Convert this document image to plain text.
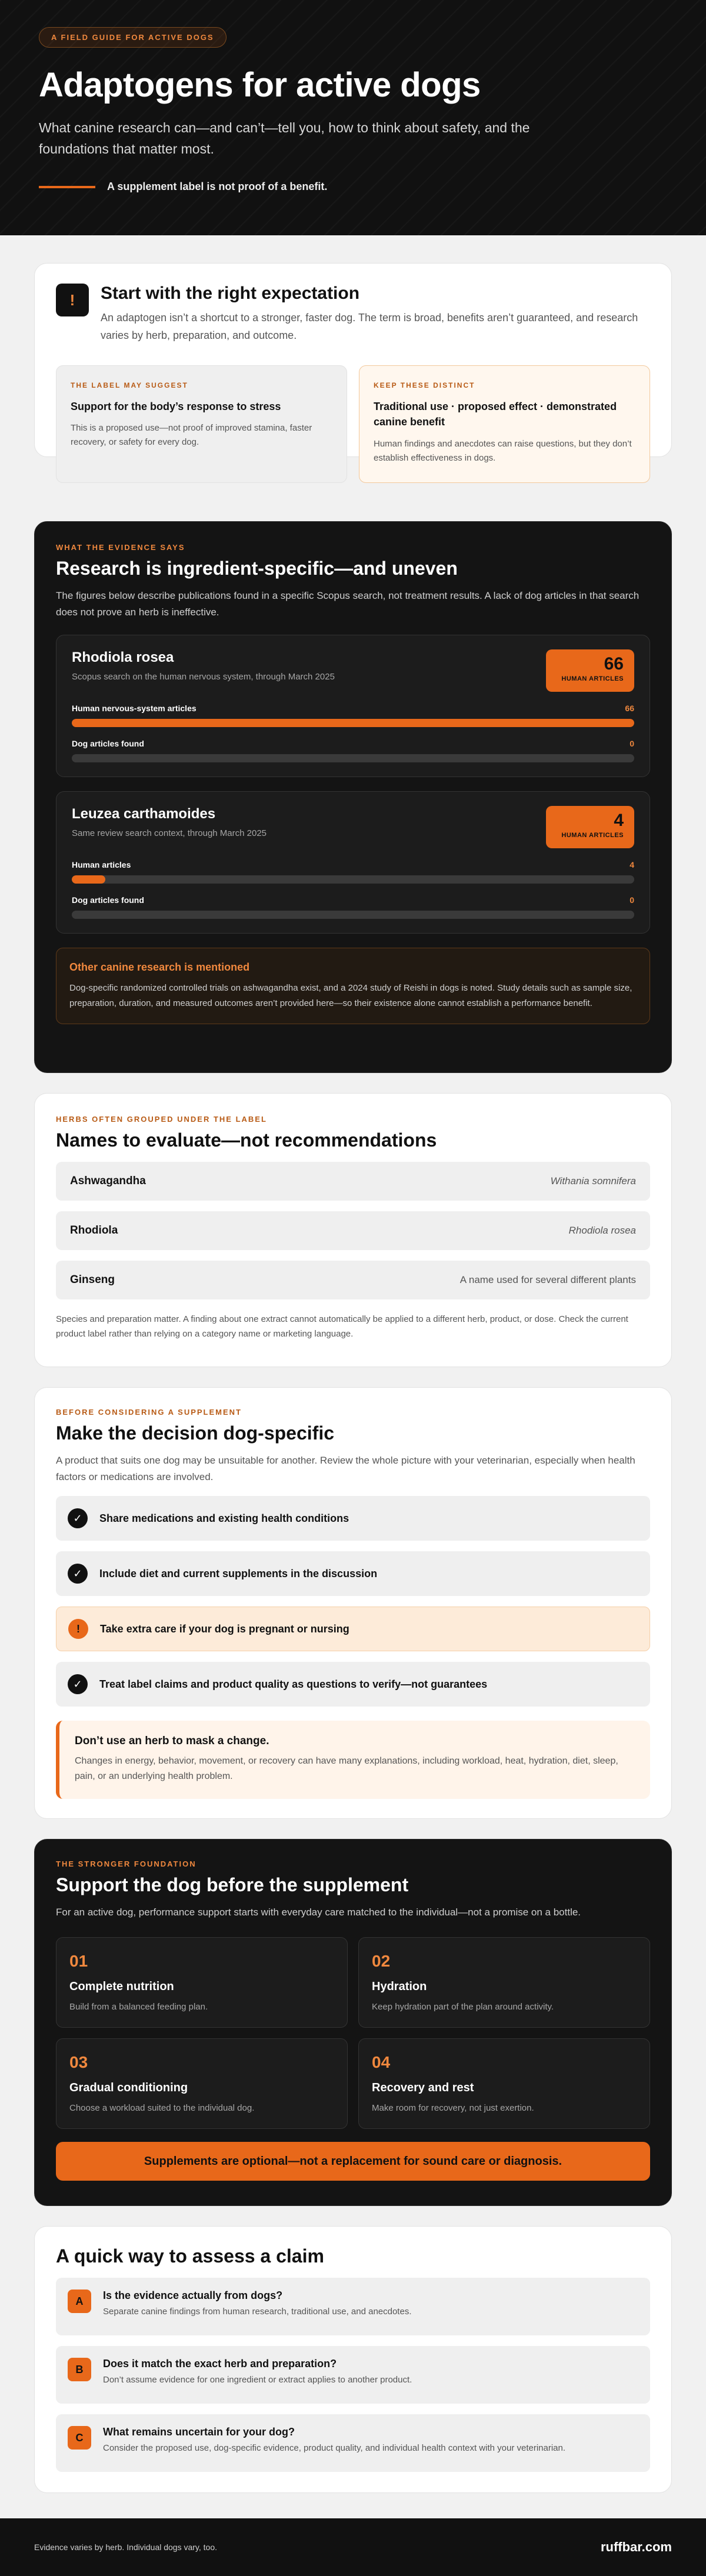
A FIELD GUIDE FOR ACTIVE DOGS
Adaptogens for active dogs

What canine research can—and can’t—tell you, how to think about safety, and the foundations that matter most.

A supplement label is not proof of a benefit.
! Start with the right expectation

An adaptogen isn’t a shortcut to a stronger, faster dog. The term is broad, benefits aren’t guaranteed, and research varies by herb, preparation, and outcome.

THE LABEL MAY SUGGEST
Support for the body’s response to stress

This is a proposed use—not proof of improved stamina, faster recovery, or safety for every dog.

KEEP THESE DISTINCT
Traditional use · proposed effect · demonstrated canine benefit

Human findings and anecdotes can raise questions, but they don’t establish effectiveness in dogs.

WHAT THE EVIDENCE SAYS
Research is ingredient-specific—and uneven

The figures below describe publications found in a specific Scopus search, not treatment results. A lack of dog articles in that search does not prove an herb is ineffective.

Rhodiola rosea
Scopus search on the human nervous system, through March 2025
66
HUMAN ARTICLES
Human nervous-system articles	66
Dog articles found	0
Leuzea carthamoides
Same review search context, through March 2025
4
HUMAN ARTICLES
Human articles	4
Dog articles found	0
Other canine research is mentioned

Dog-specific randomized controlled trials on ashwagandha exist, and a 2024 study of Reishi in dogs is noted. Study details such as sample size, preparation, duration, and measured outcomes aren’t provided here—so their existence alone cannot establish a performance benefit.

HERBS OFTEN GROUPED UNDER THE LABEL
Names to evaluate—not recommendations
Ashwagandha	Withania somnifera
Rhodiola	Rhodiola rosea
Ginseng	A name used for several different plants

Species and preparation matter. A finding about one extract cannot automatically be applied to a different herb, product, or dose. Check the current product label rather than relying on a category name or marketing language.

BEFORE CONSIDERING A SUPPLEMENT
Make the decision dog-specific

A product that suits one dog may be unsuitable for another. Review the whole picture with your veterinarian, especially when health factors or medications are involved.

✓	Share medications and existing health conditions
✓	Include diet and current supplements in the discussion
!	Take extra care if your dog is pregnant or nursing
✓	Treat label claims and product quality as questions to verify—not guarantees
Don’t use an herb to mask a change.

Changes in energy, behavior, movement, or recovery can have many explanations, including workload, heat, hydration, diet, sleep, pain, or an underlying health problem.

THE STRONGER FOUNDATION
Support the dog before the supplement

For an active dog, performance support starts with everyday care matched to the individual—not a promise on a bottle.

01
Complete nutrition
Build from a balanced feeding plan.
02
Hydration
Keep hydration part of the plan around activity.
03
Gradual conditioning
Choose a workload suited to the individual dog.
04
Recovery and rest
Make room for recovery, not just exertion.
Supplements are optional—not a replacement for sound care or diagnosis.
A quick way to assess a claim
A	Is the evidence actually from dogs?
Separate canine findings from human research, traditional use, and anecdotes.
B	Does it match the exact herb and preparation?
Don’t assume evidence for one ingredient or extract applies to another product.
C	What remains uncertain for your dog?
Consider the proposed use, dog-specific evidence, product quality, and individual health context with your veterinarian.
Evidence varies by herb. Individual dogs vary, too.	ruffbar.com
